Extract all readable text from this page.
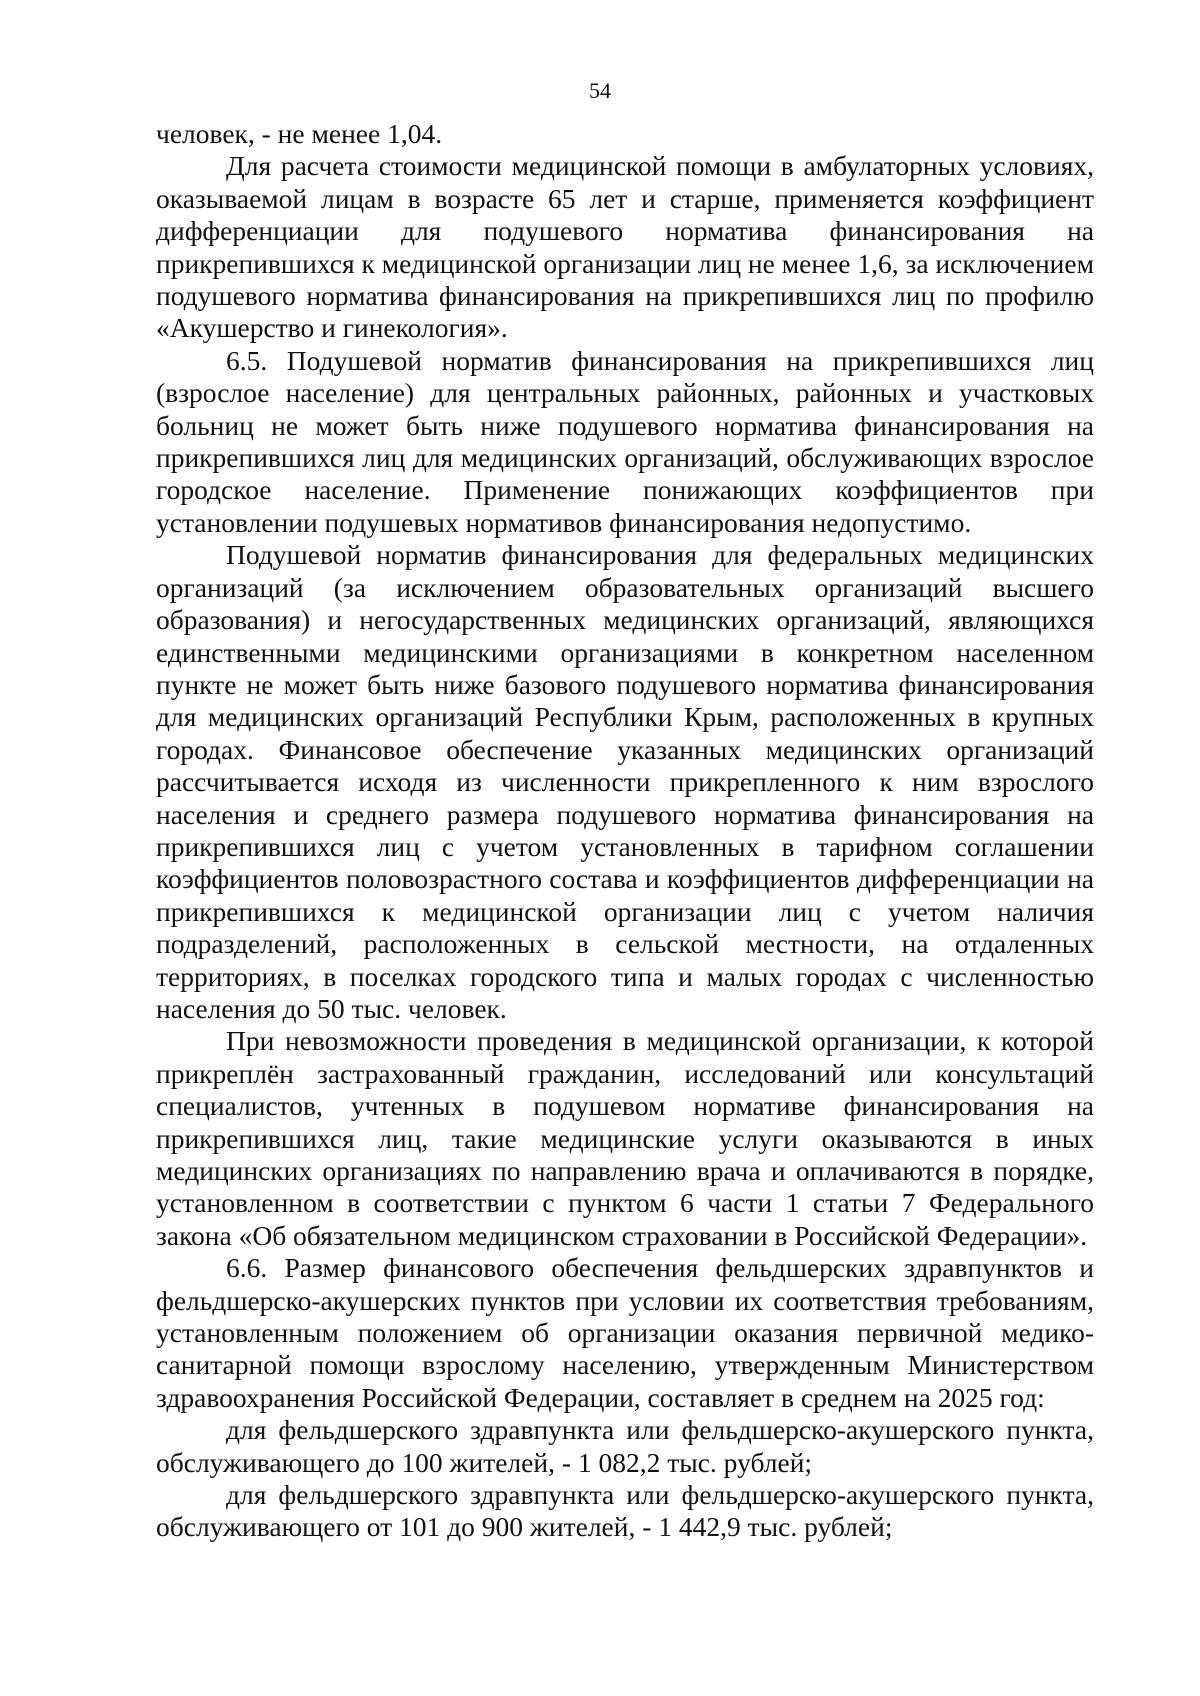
54

человек, - не менее 1,04.

Для расчета стоимости медицинской помощи в амбулаторных условиях, оказываемой лицам в возрасте 65 лет и старше, применяется коэффициент дифференциации для подушевого норматива финансирования на прикрепившихся к медицинской организации лиц не менее 1,6, за исключением подушевого норматива финансирования на прикрепившихся лиц по профилю «Акушерство и гинекология».

6.5. Подушевой норматив финансирования на прикрепившихся лиц (взрослое население) для центральных районных, районных и участковых больниц не может быть ниже подушевого норматива финансирования на прикрепившихся лиц для медицинских организаций, обслуживающих взрослое городское население. Применение понижающих коэффициентов при установлении подушевых нормативов финансирования недопустимо.

Подушевой норматив финансирования для федеральных медицинских организаций (за исключением образовательных организаций высшего образования) и негосударственных медицинских организаций, являющихся единственными медицинскими организациями в конкретном населенном пункте не может быть ниже базового подушевого норматива финансирования для медицинских организаций Республики Крым, расположенных в крупных городах. Финансовое обеспечение указанных медицинских организаций рассчитывается исходя из численности прикрепленного к ним взрослого населения и среднего размера подушевого норматива финансирования на прикрепившихся лиц с учетом установленных в тарифном соглашении коэффициентов половозрастного состава и коэффициентов дифференциации на прикрепившихся к медицинской организации лиц с учетом наличия подразделений, расположенных в сельской местности, на отдаленных территориях, в поселках городского типа и малых городах с численностью населения до 50 тыс. человек.

При невозможности проведения в медицинской организации, к которой прикреплён застрахованный гражданин, исследований или консультаций специалистов, учтенных в подушевом нормативе финансирования на прикрепившихся лиц, такие медицинские услуги оказываются в иных медицинских организациях по направлению врача и оплачиваются в порядке, установленном в соответствии с пунктом 6 части 1 статьи 7 Федерального закона «Об обязательном медицинском страховании в Российской Федерации».

6.6. Размер финансового обеспечения фельдшерских здравпунктов и фельдшерско-акушерских пунктов при условии их соответствия требованиям, установленным положением об организации оказания первичной медико-санитарной помощи взрослому населению, утвержденным Министерством здравоохранения Российской Федерации, составляет в среднем на 2025 год:

для фельдшерского здравпункта или фельдшерско-акушерского пункта, обслуживающего до 100 жителей, - 1 082,2 тыс. рублей;

для фельдшерского здравпункта или фельдшерско-акушерского пункта, обслуживающего от 101 до 900 жителей, - 1 442,9 тыс. рублей;
